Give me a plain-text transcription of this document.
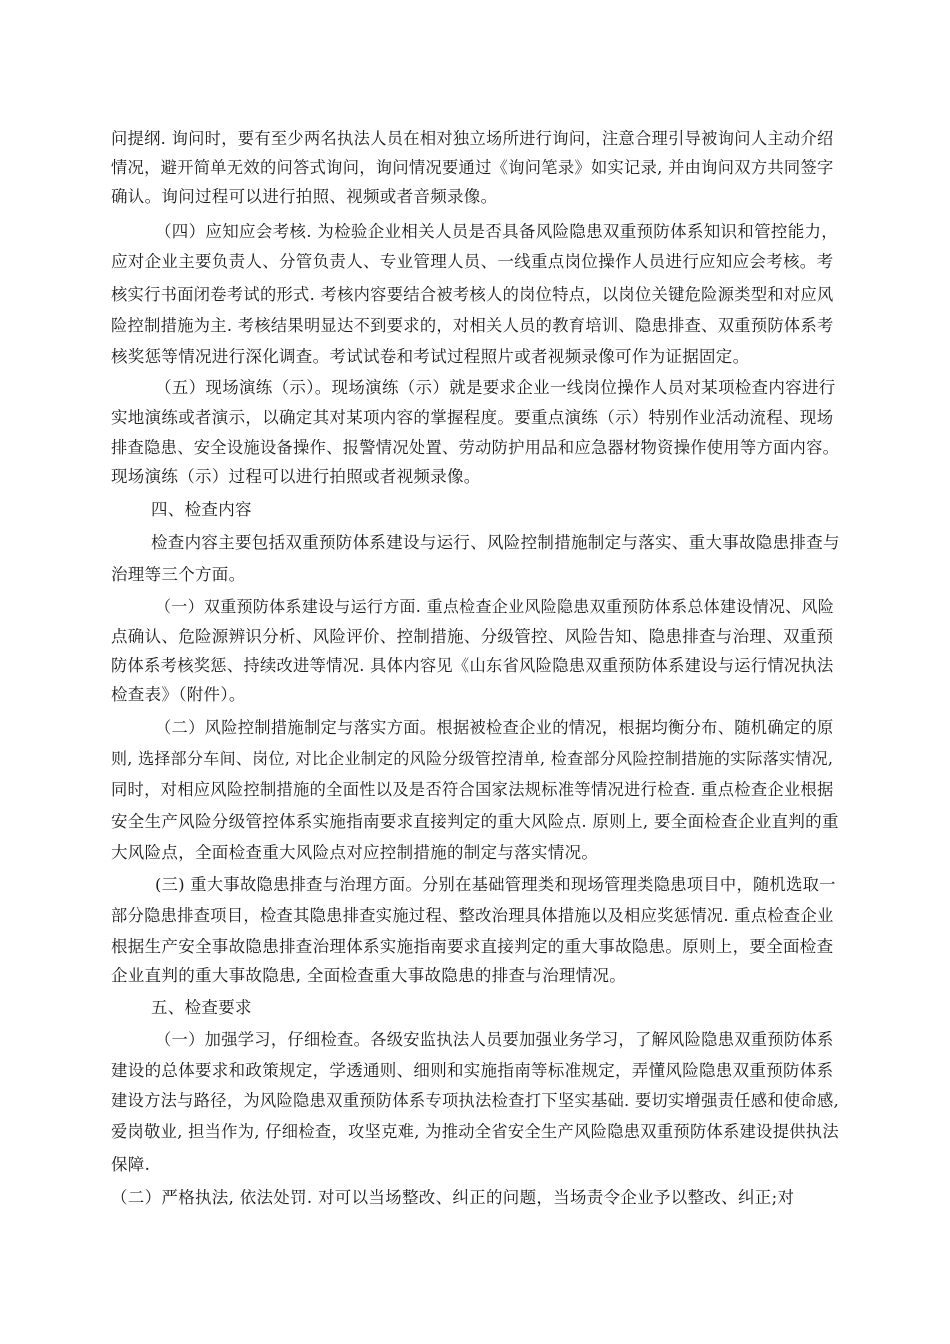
问提纲. 询问时，要有至少两名执法人员在相对独立场所进行询问，注意合理引导被询问人主动介绍
情况，避开简单无效的问答式询问，询问情况要通过《询问笔录》如实记录, 并由询问双方共同签字
确认。询问过程可以进行拍照、视频或者音频录像。
（四）应知应会考核. 为检验企业相关人员是否具备风险隐患双重预防体系知识和管控能力，
应对企业主要负责人、分管负责人、专业管理人员、一线重点岗位操作人员进行应知应会考核。考
核实行书面闭卷考试的形式. 考核内容要结合被考核人的岗位特点，以岗位关键危险源类型和对应风
险控制措施为主. 考核结果明显达不到要求的，对相关人员的教育培训、隐患排查、双重预防体系考
核奖惩等情况进行深化调查。考试试卷和考试过程照片或者视频录像可作为证据固定。
（五）现场演练（示）。现场演练（示）就是要求企业一线岗位操作人员对某项检查内容进行
实地演练或者演示，以确定其对某项内容的掌握程度。要重点演练（示）特别作业活动流程、现场
排查隐患、安全设施设备操作、报警情况处置、劳动防护用品和应急器材物资操作使用等方面内容。
现场演练（示）过程可以进行拍照或者视频录像。
四、检查内容
检查内容主要包括双重预防体系建设与运行、风险控制措施制定与落实、重大事故隐患排查与
治理等三个方面。
（一）双重预防体系建设与运行方面. 重点检查企业风险隐患双重预防体系总体建设情况、风险
点确认、危险源辨识分析、风险评价、控制措施、分级管控、风险告知、隐患排查与治理、双重预
防体系考核奖惩、持续改进等情况. 具体内容见《山东省风险隐患双重预防体系建设与运行情况执法
检查表》（附件）。
（二）风险控制措施制定与落实方面。根据被检查企业的情况，根据均衡分布、随机确定的原
则, 选择部分车间、岗位, 对比企业制定的风险分级管控清单, 检查部分风险控制措施的实际落实情况,
同时，对相应风险控制措施的全面性以及是否符合国家法规标准等情况进行检查. 重点检查企业根据
安全生产风险分级管控体系实施指南要求直接判定的重大风险点. 原则上, 要全面检查企业直判的重
大风险点，全面检查重大风险点对应控制措施的制定与落实情况。
(三) 重大事故隐患排查与治理方面。分别在基础管理类和现场管理类隐患项目中，随机选取一
部分隐患排查项目，检查其隐患排查实施过程、整改治理具体措施以及相应奖惩情况. 重点检查企业
根据生产安全事故隐患排查治理体系实施指南要求直接判定的重大事故隐患。原则上，要全面检查
企业直判的重大事故隐患, 全面检查重大事故隐患的排查与治理情况。
五、检查要求
（一）加强学习，仔细检查。各级安监执法人员要加强业务学习，了解风险隐患双重预防体系
建设的总体要求和政策规定，学透通则、细则和实施指南等标准规定，弄懂风险隐患双重预防体系
建设方法与路径，为风险隐患双重预防体系专项执法检查打下坚实基础. 要切实增强责任感和使命感,
爱岗敬业, 担当作为, 仔细检查，攻坚克难, 为推动全省安全生产风险隐患双重预防体系建设提供执法
保障.
（二）严格执法, 依法处罚. 对可以当场整改、纠正的问题，当场责令企业予以整改、纠正;对
